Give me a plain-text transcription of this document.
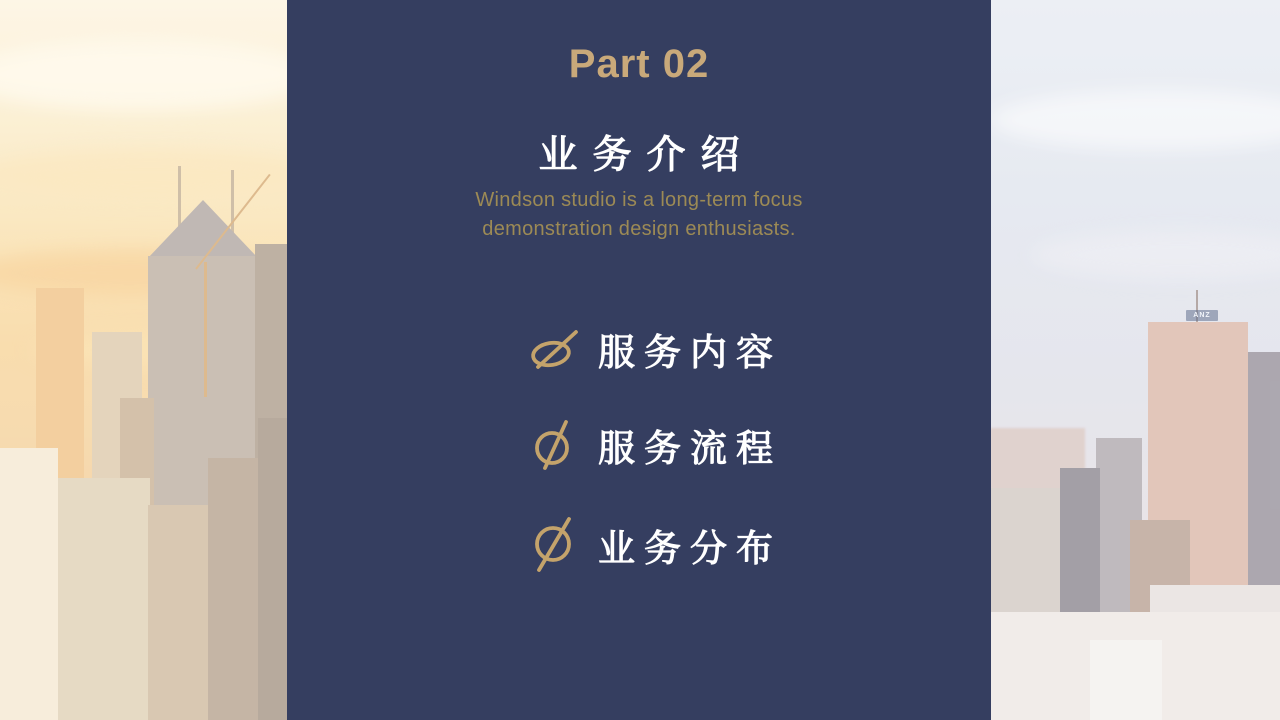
ANZ
Part 02
业务介绍
Windson studio is a long-term focus
demonstration design enthusiasts.
服务内容
服务流程
业务分布
